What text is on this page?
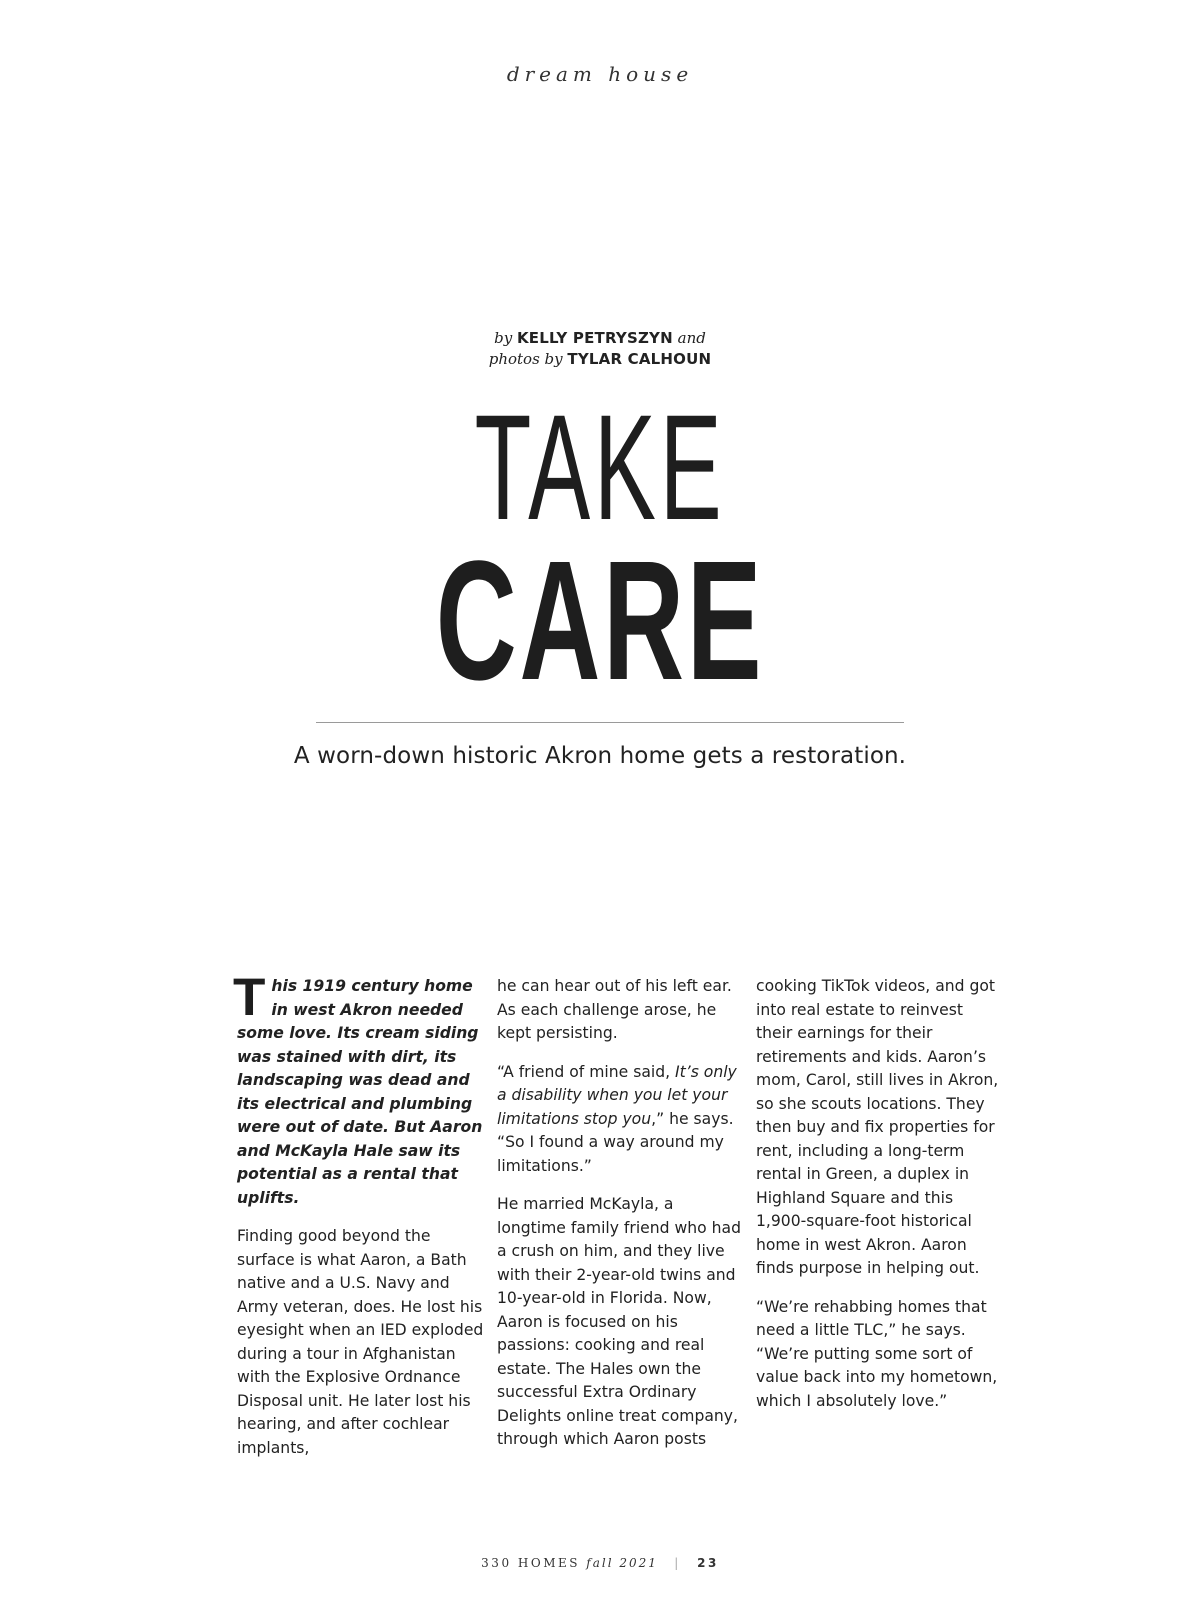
dream house
by KELLY PETRYSZYN and
photos by TYLAR CALHOUN
TAKE
CARE
A worn-down historic Akron home gets a restoration.

This 1919 century home in west Akron needed some love. Its cream siding was stained with dirt, its landscaping was dead and its electrical and plumbing were out of date. But Aaron and McKayla Hale saw its potential as a rental that uplifts.

Finding good beyond the surface is what Aaron, a Bath native and a U.S. Navy and Army veteran, does. He lost his eyesight when an IED exploded during a tour in Afghanistan with the Explosive Ordnance Disposal unit. He later lost his hearing, and after cochlear implants,

he can hear out of his left ear. As each challenge arose, he kept persisting.

“A friend of mine said, It’s only a disability when you let your limitations stop you,” he says. “So I found a way around my limitations.”

He married McKayla, a longtime family friend who had a crush on him, and they live with their 2-year-old twins and 10-year-old in Florida. Now, Aaron is focused on his passions: cooking and real estate. The Hales own the successful Extra Ordinary Delights online treat company, through which Aaron posts

cooking TikTok videos, and got into real estate to reinvest their earnings for their retirements and kids. Aaron’s mom, Carol, still lives in Akron, so she scouts locations. They then buy and fix properties for rent, including a long-term rental in Green, a duplex in Highland Square and this 1,900-square-foot historical home in west Akron. Aaron finds purpose in helping out.

“We’re rehabbing homes that need a little TLC,” he says. “We’re putting some sort of value back into my hometown, which I absolutely love.”

330 HOMES fall 2021 | 23
